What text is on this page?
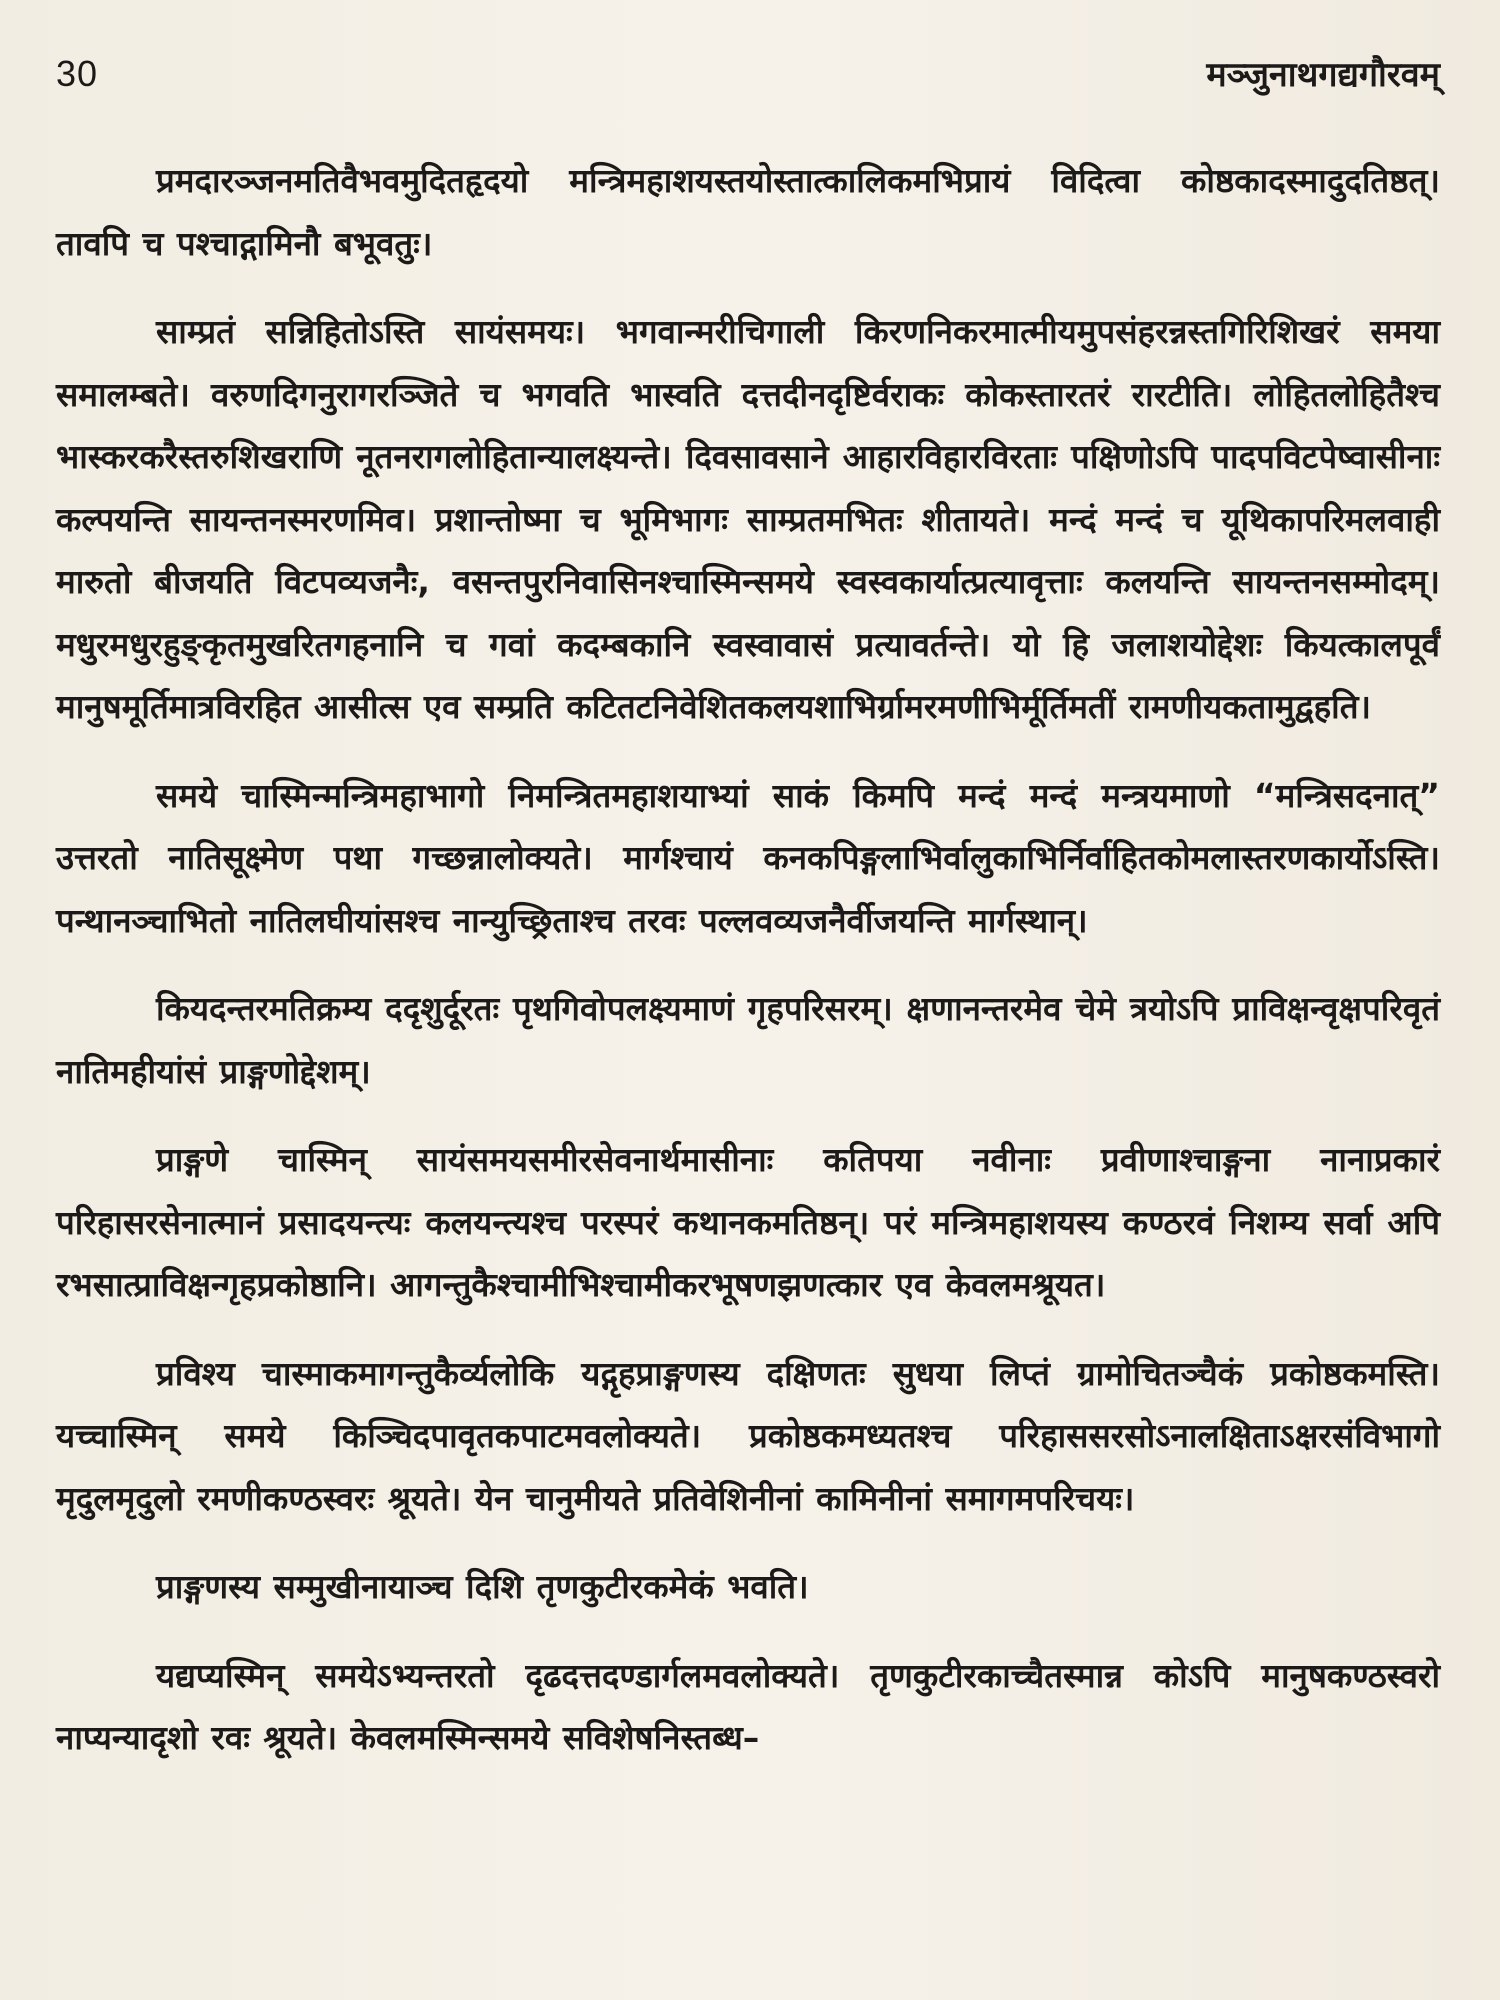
30	मञ्जुनाथगद्यगौरवम्

प्रमदारञ्जनमतिवैभवमुदितहृदयो मन्त्रिमहाशयस्तयोस्तात्कालिकमभिप्रायं विदित्वा कोष्ठकादस्मादुदतिष्ठत्। तावपि च पश्चाद्गामिनौ बभूवतुः।

साम्प्रतं सन्निहितोऽस्ति सायंसमयः। भगवान्मरीचिगाली किरणनिकरमात्मीयमुपसंहरन्नस्तगिरिशिखरं समया समालम्बते। वरुणदिगनुरागरञ्जिते च भगवति भास्वति दत्तदीनदृष्टिर्वराकः कोकस्तारतरं रारटीति। लोहितलोहितैश्च भास्करकरैस्तरुशिखराणि नूतनरागलोहितान्यालक्ष्यन्ते। दिवसावसाने आहारविहारविरताः पक्षिणोऽपि पादपविटपेष्वासीनाः कल्पयन्ति सायन्तनस्मरणमिव। प्रशान्तोष्मा च भूमिभागः साम्प्रतमभितः शीतायते। मन्दं मन्दं च यूथिकापरिमलवाही मारुतो बीजयति विटपव्यजनैः, वसन्तपुरनिवासिनश्चास्मिन्समये स्वस्वकार्यात्प्रत्यावृत्ताः कलयन्ति सायन्तनसम्मोदम्। मधुरमधुरहुङ्कृतमुखरितगहनानि च गवां कदम्बकानि स्वस्वावासं प्रत्यावर्तन्ते। यो हि जलाशयोद्देशः कियत्कालपूर्वं मानुषमूर्तिमात्रविरहित आसीत्स एव सम्प्रति कटितटनिवेशितकलयशाभिर्ग्रामरमणीभिर्मूर्तिमतीं रामणीयकतामुद्वहति।

समये चास्मिन्मन्त्रिमहाभागो निमन्त्रितमहाशयाभ्यां साकं किमपि मन्दं मन्दं मन्त्रयमाणो “मन्त्रिसदनात्” उत्तरतो नातिसूक्ष्मेण पथा गच्छन्नालोक्यते। मार्गश्चायं कनकपिङ्गलाभिर्वालुकाभिर्निर्वाहितकोमलास्तरणकार्योऽस्ति। पन्थानञ्चाभितो नातिलघीयांसश्च नान्युच्छ्रिताश्च तरवः पल्लवव्यजनैर्वीजयन्ति मार्गस्थान्।

कियदन्तरमतिक्रम्य ददृशुर्दूरतः पृथगिवोपलक्ष्यमाणं गृहपरिसरम्। क्षणानन्तरमेव चेमे त्रयोऽपि प्राविक्षन्वृक्षपरिवृतं नातिमहीयांसं प्राङ्गणोद्देशम्।

प्राङ्गणे चास्मिन् सायंसमयसमीरसेवनार्थमासीनाः कतिपया नवीनाः प्रवीणाश्चाङ्गना नानाप्रकारं परिहासरसेनात्मानं प्रसादयन्त्यः कलयन्त्यश्च परस्परं कथानकमतिष्ठन्। परं मन्त्रिमहाशयस्य कण्ठरवं निशम्य सर्वा अपि रभसात्प्राविक्षन्गृहप्रकोष्ठानि। आगन्तुकैश्चामीभिश्चामीकरभूषणझणत्कार एव केवलमश्रूयत।

प्रविश्य चास्माकमागन्तुकैर्व्यलोकि यद्गृहप्राङ्गणस्य दक्षिणतः सुधया लिप्तं ग्रामोचितञ्चैकं प्रकोष्ठकमस्ति। यच्चास्मिन् समये किञ्चिदपावृतकपाटमवलोक्यते। प्रकोष्ठकमध्यतश्च परिहाससरसोऽनालक्षिताऽक्षरसंविभागो मृदुलमृदुलो रमणीकण्ठस्वरः श्रूयते। येन चानुमीयते प्रतिवेशिनीनां कामिनीनां समागमपरिचयः।

प्राङ्गणस्य सम्मुखीनायाञ्च दिशि तृणकुटीरकमेकं भवति।

यद्यप्यस्मिन् समयेऽभ्यन्तरतो दृढदत्तदण्डार्गलमवलोक्यते। तृणकुटीरकाच्चैतस्मान्न कोऽपि मानुषकण्ठस्वरो नाप्यन्यादृशो रवः श्रूयते। केवलमस्मिन्समये सविशेषनिस्तब्ध–
